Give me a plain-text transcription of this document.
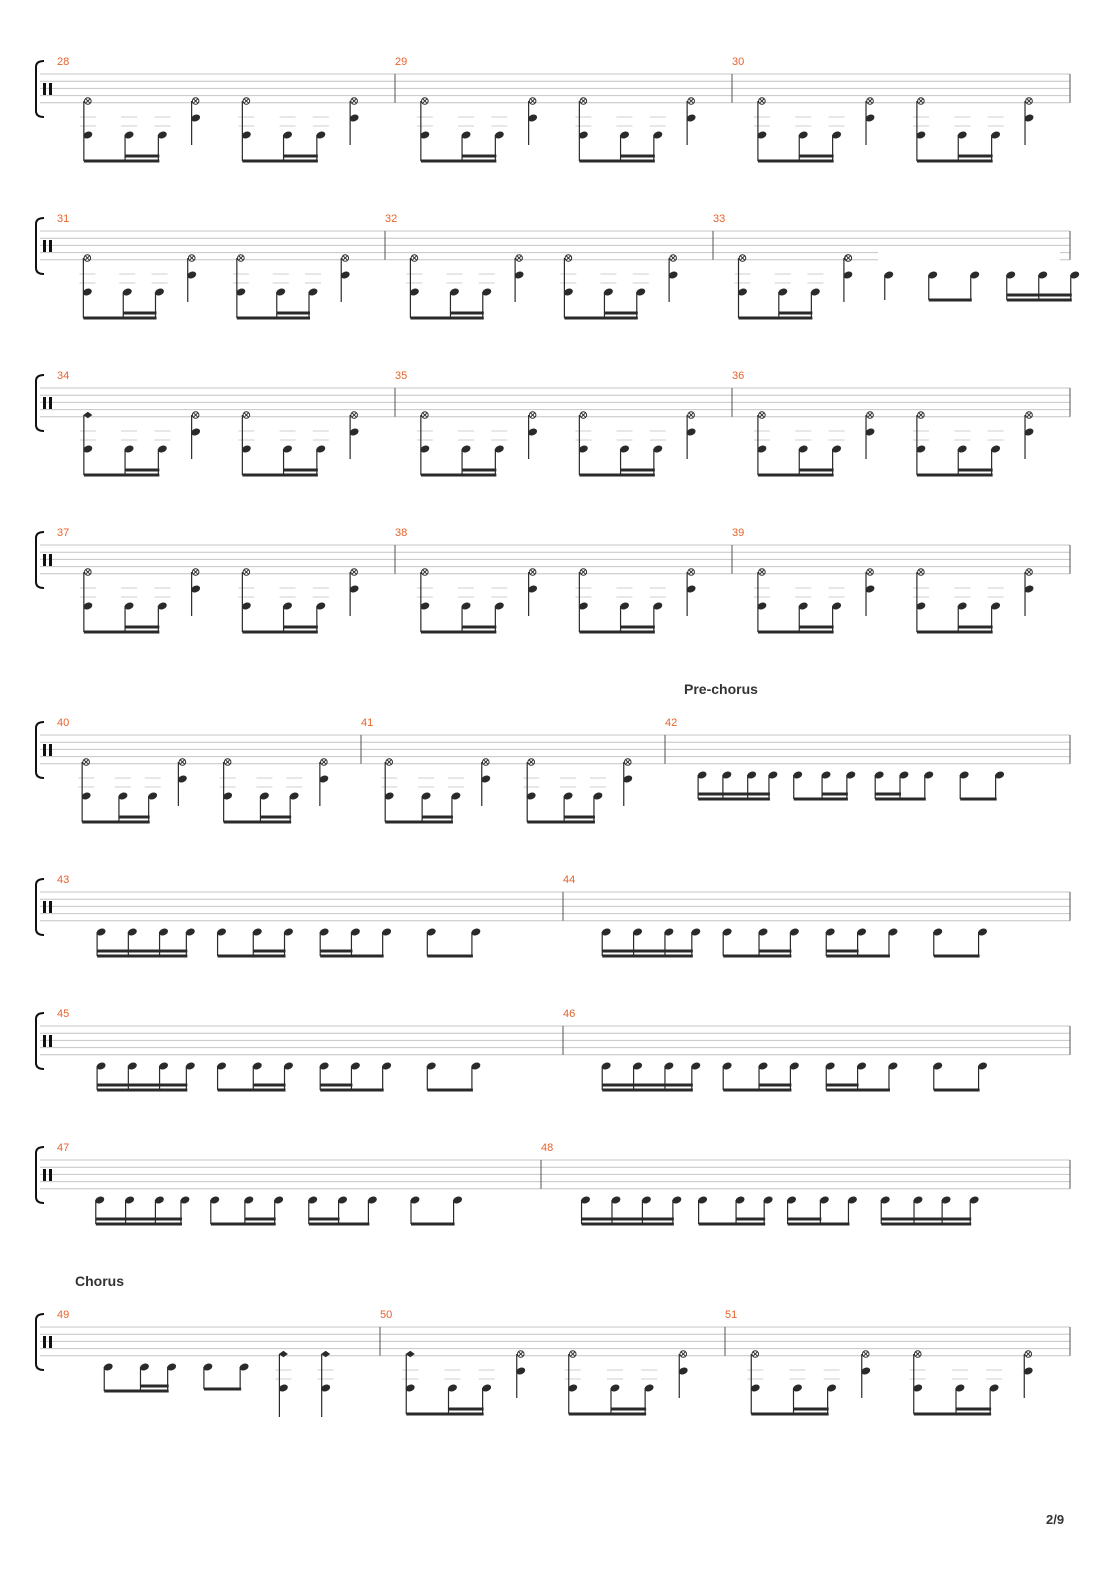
Pre-chorus
Chorus
28	29	30
31	32	33
34	35	36
37	38	39
40	41	42
43	44
45	46
47	48
49	50	51
2/9
